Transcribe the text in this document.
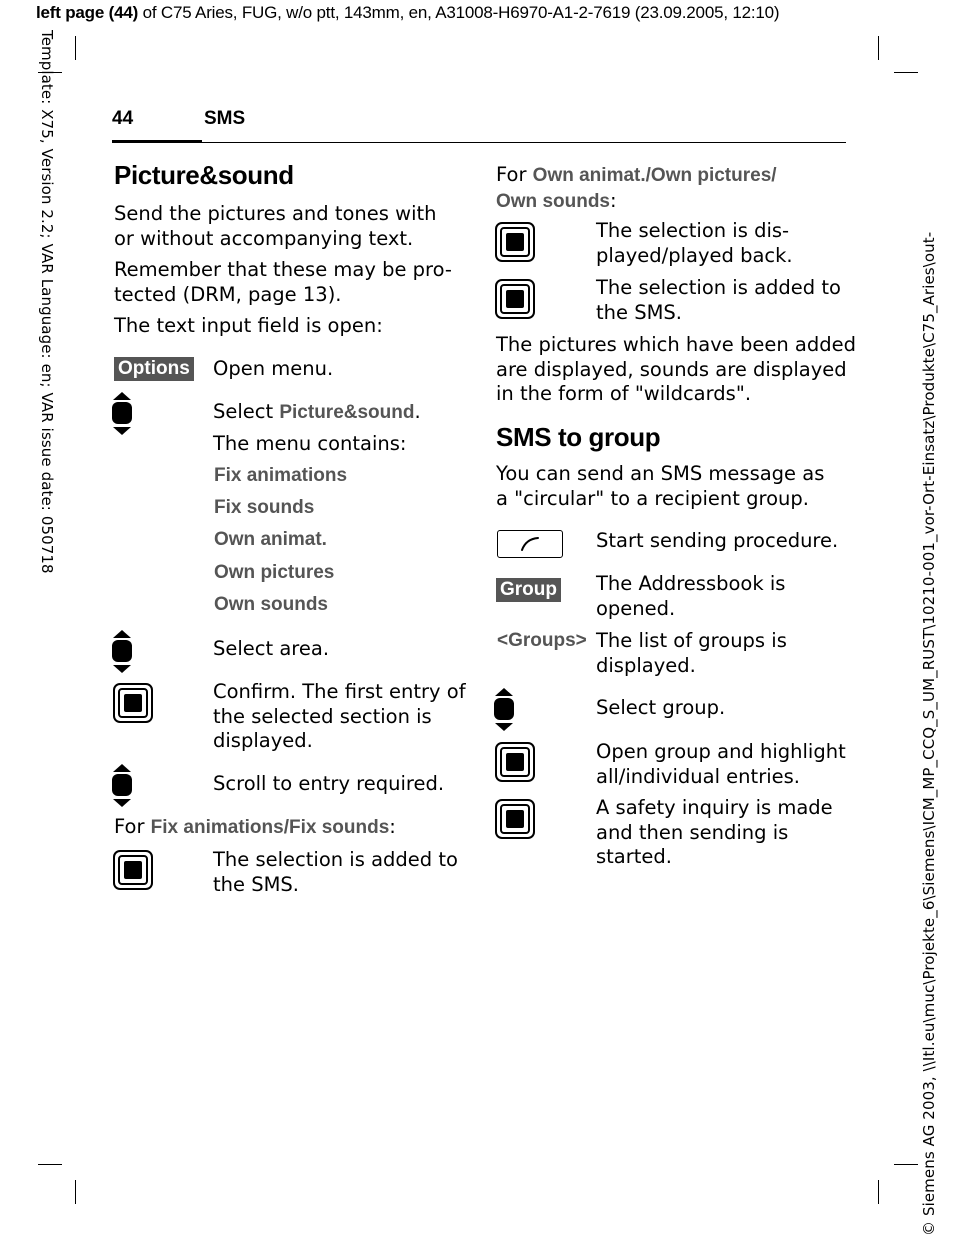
left page (44) of C75 Aries, FUG, w/o ptt, 143mm, en, A31008-H6970-A1-2-7619 (23.09.2005, 12:10)
Template: X75, Version 2.2; VAR Language: en; VAR issue date: 050718	© Siemens AG 2003, \\Itl.eu\muc\Projekte_6\Siemens\ICM_MP_CCQ_S_UM_RUST\10210-001_vor-Ort-Einsatz\Produkte\C75_Aries\out-
44	SMS
Picture&sound
Send the pictures and tones with
or without accompanying text.
Remember that these may be pro-
tected (DRM, page 13).
The text input field is open:
Options Open menu.
Select Picture&sound.
The menu contains:
Fix animations
Fix sounds
Own animat.
Own pictures
Own sounds
Select area.
Confirm. The first entry of
the selected section is
displayed.
Scroll to entry required.
For Fix animations/Fix sounds:
The selection is added to
the SMS.
For Own animat./Own pictures/
Own sounds:
The selection is dis-
played/played back.
The selection is added to
the SMS.
The pictures which have been added
are displayed, sounds are displayed
in the form of "wildcards".
SMS to group
You can send an SMS message as
a "circular" to a recipient group.
Start sending procedure.
Group The Addressbook is
opened.
<Groups> The list of groups is
displayed.
Select group.
Open group and highlight
all/individual entries.
A safety inquiry is made
and then sending is
started.
